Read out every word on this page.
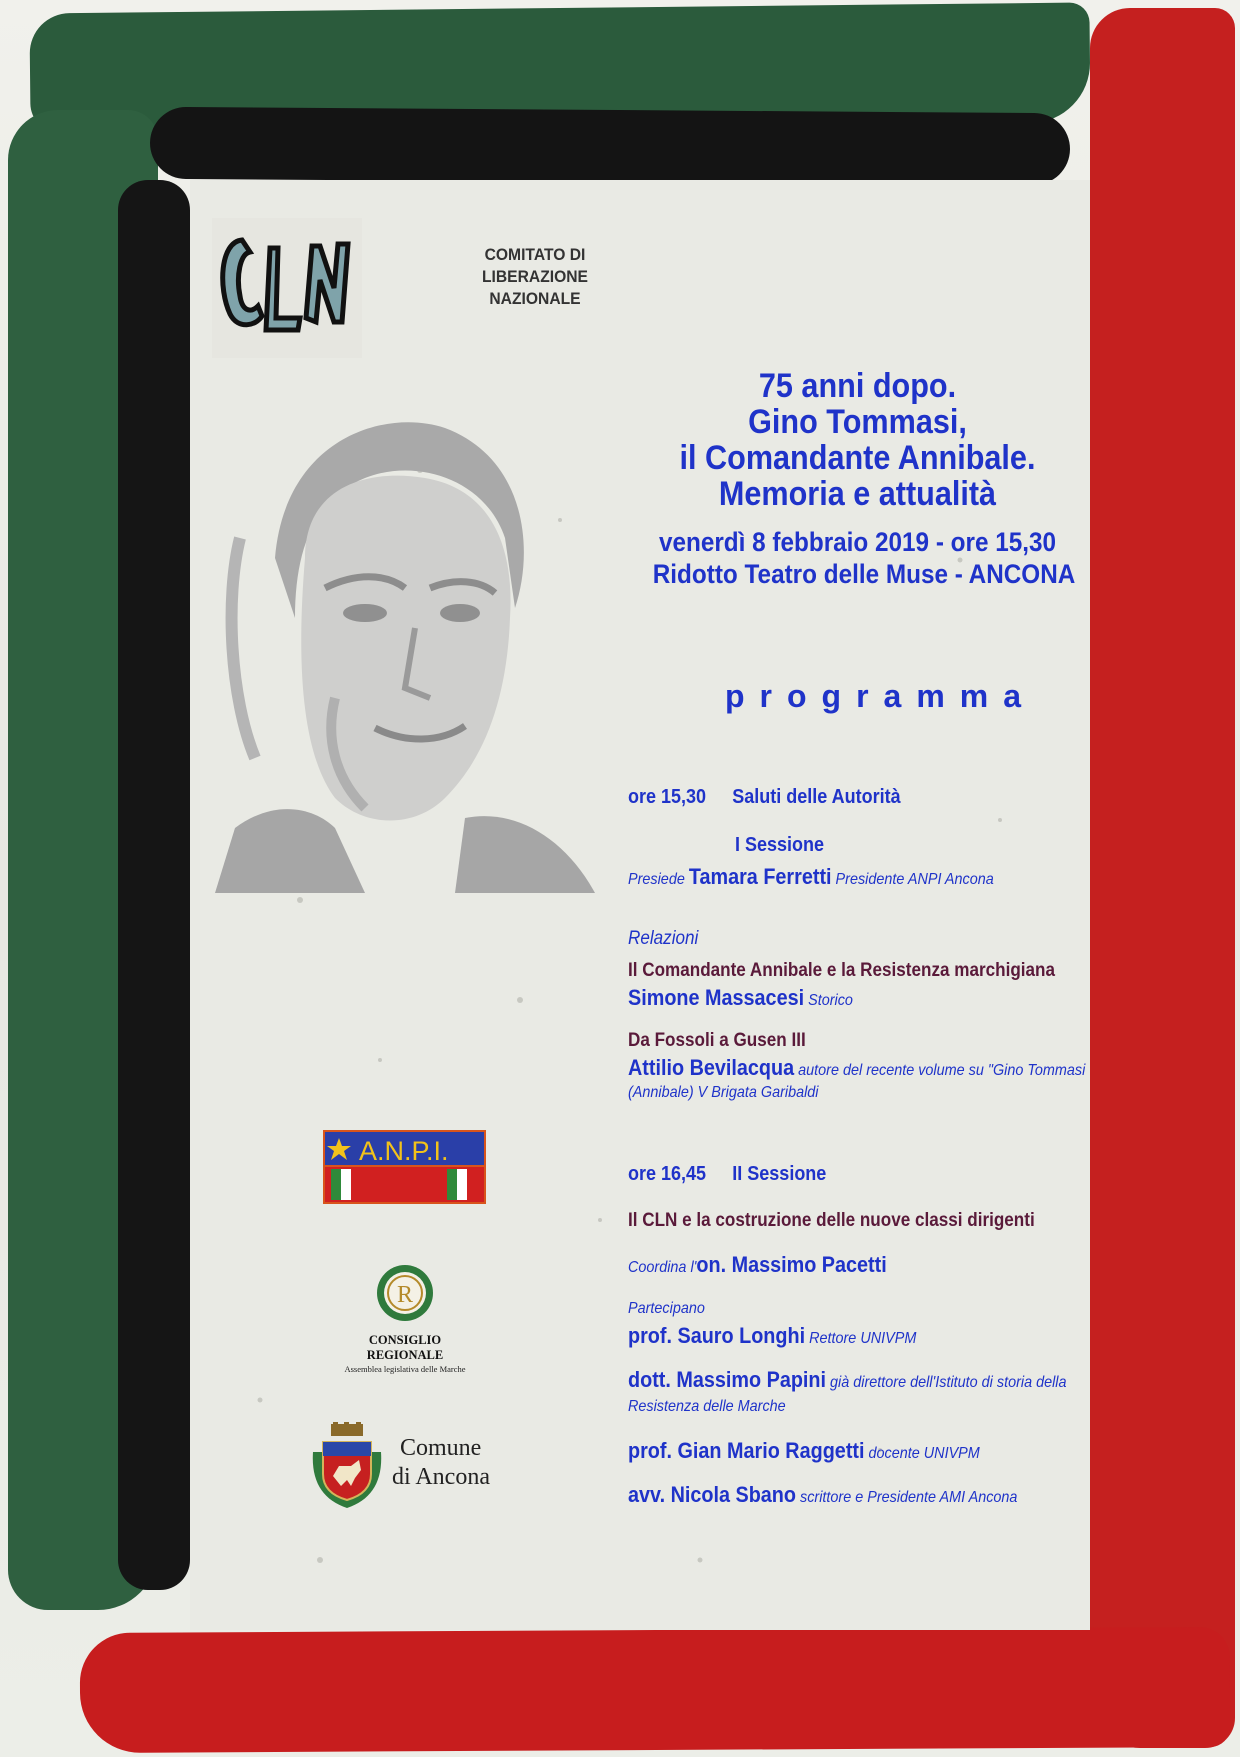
COMITATO DI
LIBERAZIONE
NAZIONALE
75 anni dopo.
Gino Tommasi,
il Comandante Annibale.
Memoria e attualità
venerdì 8 febbraio 2019 - ore 15,30
Ridotto Teatro delle Muse - ANCONA
programma
ore 15,30 Saluti delle Autorità
I Sessione
Presiede Tamara Ferretti Presidente ANPI Ancona
Relazioni
Il Comandante Annibale e la Resistenza marchigiana
Simone Massacesi Storico
Da Fossoli a Gusen III
Attilio Bevilacqua autore del recente volume su "Gino Tommasi
(Annibale) V Brigata Garibaldi
ore 16,45 II Sessione
Il CLN e la costruzione delle nuove classi dirigenti
Coordina l'on. Massimo Pacetti
Partecipano
prof. Sauro Longhi Rettore UNIVPM
dott. Massimo Papini già direttore dell'Istituto di storia della
Resistenza delle Marche
prof. Gian Mario Raggetti docente UNIVPM
avv. Nicola Sbano scrittore e Presidente AMI Ancona
A.N.P.I.
R
CONSIGLIO REGIONALE
Assemblea legislativa delle Marche
Comune
di Ancona
